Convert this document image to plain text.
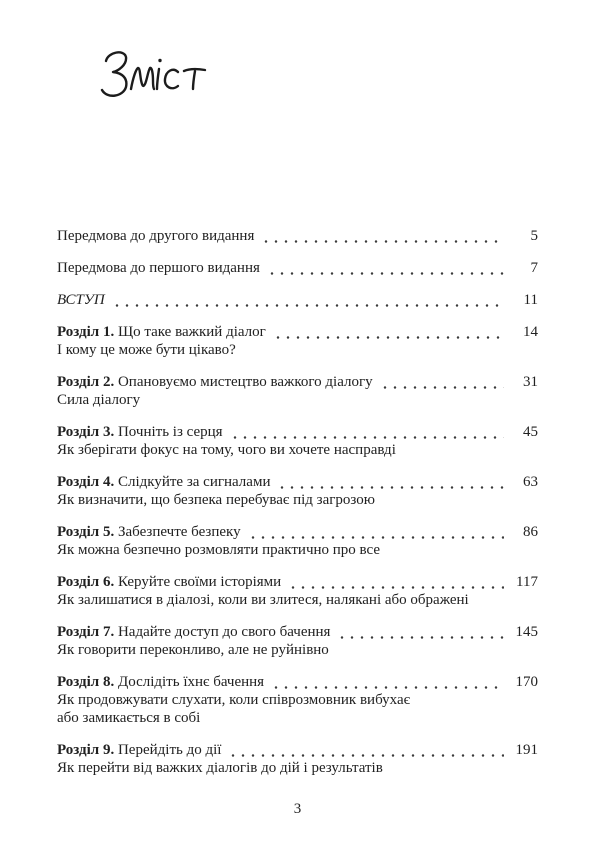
Передмова до другого видання	5
Передмова до першого видання	7
ВСТУП	11
Розділ 1. Що таке важкий діалог	14
І кому це може бути цікаво?
Розділ 2. Опановуємо мистецтво важкого діалогу	31
Сила діалогу
Розділ 3. Почніть із серця	45
Як зберігати фокус на тому, чого ви хочете насправді
Розділ 4. Слідкуйте за сигналами	63
Як визначити, що безпека перебуває під загрозою
Розділ 5. Забезпечте безпеку	86
Як можна безпечно розмовляти практично про все
Розділ 6. Керуйте своїми історіями	117
Як залишатися в діалозі, коли ви злитеся, налякані або ображені
Розділ 7. Надайте доступ до свого бачення	145
Як говорити переконливо, але не руйнівно
Розділ 8. Дослідіть їхнє бачення	170
Як продовжувати слухати, коли співрозмовник вибухає
або замикається в собі
Розділ 9. Перейдіть до дії	191
Як перейти від важких діалогів до дій і результатів
3
